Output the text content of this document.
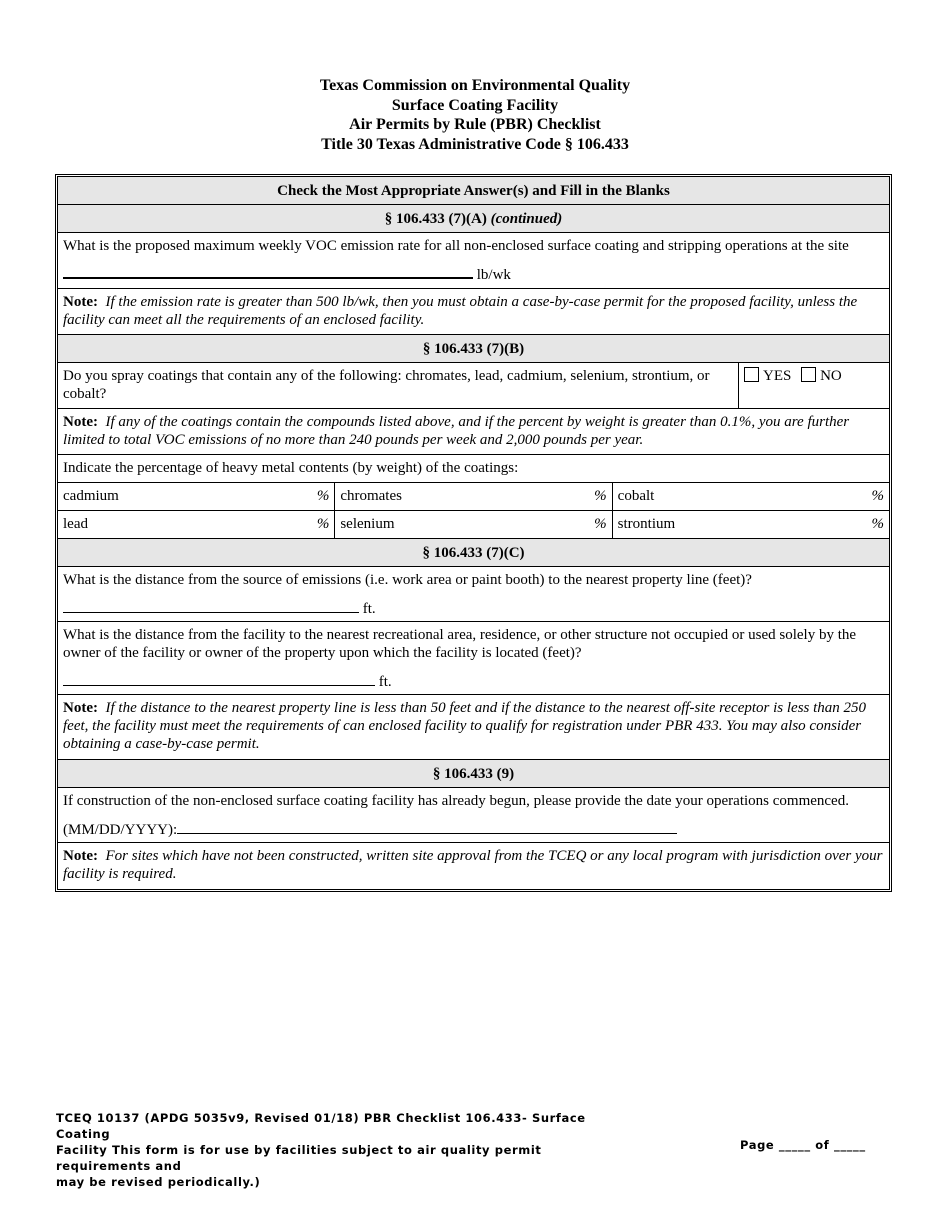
Texas Commission on Environmental Quality
Surface Coating Facility
Air Permits by Rule (PBR) Checklist
Title 30 Texas Administrative Code § 106.433
Check the Most Appropriate Answer(s) and Fill in the Blanks
§ 106.433 (7)(A) (continued)
What is the proposed maximum weekly VOC emission rate for all non-enclosed surface coating and stripping operations at the site
lb/wk
Note: If the emission rate is greater than 500 lb/wk, then you must obtain a case-by-case permit for the proposed facility, unless the facility can meet all the requirements of an enclosed facility.
§ 106.433 (7)(B)
Do you spray coatings that contain any of the following: chromates, lead, cadmium, selenium, strontium, or cobalt?
YES NO
Note: If any of the coatings contain the compounds listed above, and if the percent by weight is greater than 0.1%, you are further limited to total VOC emissions of no more than 240 pounds per week and 2,000 pounds per year.
Indicate the percentage of heavy metal contents (by weight) of the coatings:
cadmium	% chromates	% cobalt	%
lead	% selenium	% strontium	%
§ 106.433 (7)(C)
What is the distance from the source of emissions (i.e. work area or paint booth) to the nearest property line (feet)?
ft.
What is the distance from the facility to the nearest recreational area, residence, or other structure not occupied or used solely by the owner of the facility or owner of the property upon which the facility is located (feet)?
ft.
Note: If the distance to the nearest property line is less than 50 feet and if the distance to the nearest off-site receptor is less than 250 feet, the facility must meet the requirements of can enclosed facility to qualify for registration under PBR 433. You may also consider obtaining a case-by-case permit.
§ 106.433 (9)
If construction of the non-enclosed surface coating facility has already begun, please provide the date your operations commenced.
(MM/DD/YYYY):
Note: For sites which have not been constructed, written site approval from the TCEQ or any local program with jurisdiction over your facility is required.
TCEQ 10137 (APDG 5035v9, Revised 01/18) PBR Checklist 106.433- Surface Coating
Facility This form is for use by facilities subject to air quality permit requirements and
may be revised periodically.)
Page _____ of _____
